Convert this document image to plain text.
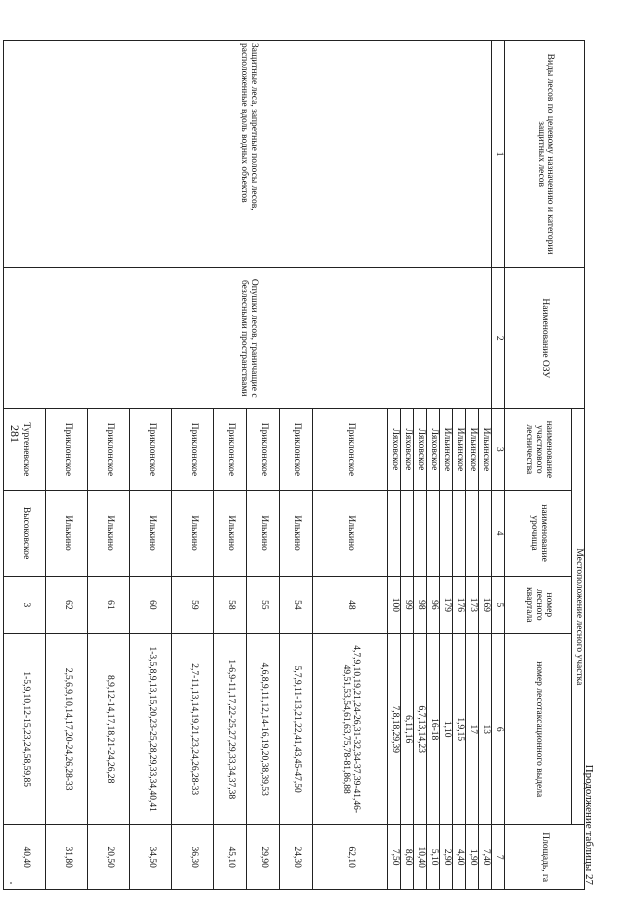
281
Продолжение таблицы 27
Виды лесов по целевому назначению и категории защитных лесов	Наименование ОЗУ	Местоположение лесного участка				Площадь, га
		наименование участкового лесничества	наименование урочища	номер лесного квартала	номер лесотаксационного выдела	
1	2	3	4	5	6	7
Защитные леса, запретные полосы лесов, расположенные вдоль водных объектов	Опушки лесов, граничащие с безлесными пространствами	Ильинское		169	13	7,40
		Ильинское		173	17	1,90
		Ильинское		176	1,9,15	4,40
		Ильинское		179	1,10	2,90
		Ляховское		96	16-18	5,10
		Ляховское		98	6,7,13,14,23	10,40
		Ляховское		99	6,11,16	8,60
		Ляховское		100	7,8,18,29,39	7,50
		Приклонское	Илькино	48	4,7,9,10,19,21,24-26,31-32,34-37,39-41,46-49,51,53,54,61,63,75,78-81,86,88	62,10
		Приклонское	Илькино	54	5,7,9,11-13,21,22,41,43,45-47,50	24,30
		Приклонское	Илькино	55	4,6,8,9,11,12,14-16,19,20,38,39,53	29,90
		Приклонское	Илькино	58	1-6,9-11,17,22-25,27,29,33,34,37,38	45,10
		Приклонское	Илькино	59	2,7-11,13,14,19,21,23,24,26,28-33	36,30
		Приклонское	Илькино	60	1-3,5,8,9,13,15,20,23-25,28,29,33,34,40,41	34,50
		Приклонское	Илькино	61	8,9,12-14,17,18,21-24,26,28	20,50
		Приклонское	Илькино	62	2,5,6,9,10,14,17,20-24,26,28-33	31,80
		Тургеневское	Высоковское	3	1-5,9,10,12-15,23,24,58,59,85	40,40
